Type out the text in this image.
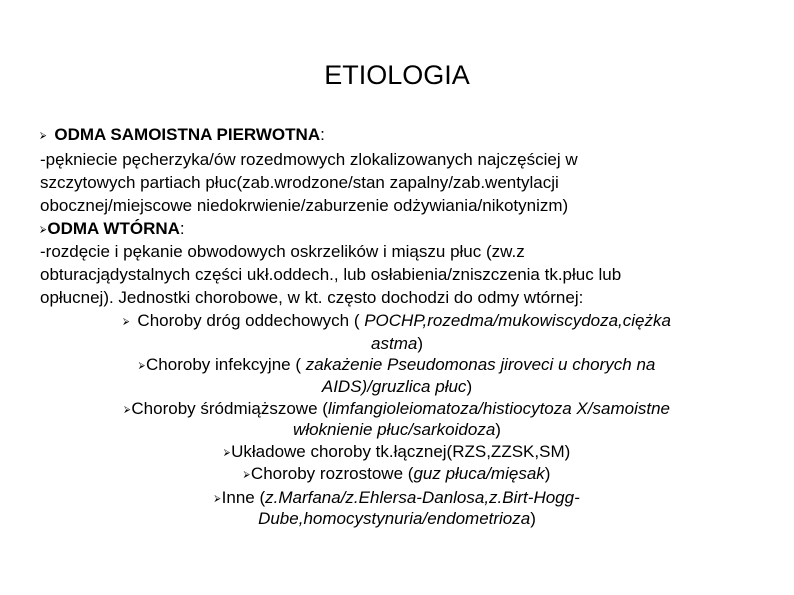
ETIOLOGIA
⮚ ODMA SAMOISTNA PIERWOTNA:
-pękniecie pęcherzyka/ów rozedmowych zlokalizowanych najczęściej w
szczytowych partiach płuc(zab.wrodzone/stan zapalny/zab.wentylacji
obocznej/miejscowe niedokrwienie/zaburzenie odżywiania/nikotynizm)
⮚ODMA WTÓRNA:
-rozdęcie i pękanie obwodowych oskrzelików i miąszu płuc (zw.z
obturacjądystalnych części ukł.oddech., lub osłabienia/zniszczenia tk.płuc lub
opłucnej). Jednostki chorobowe, w kt. często dochodzi do odmy wtórnej:
⮚ Choroby dróg oddechowych ( POCHP,rozedma/mukowiscydoza,ciężka
astma)
⮚Choroby infekcyjne ( zakażenie Pseudomonas jiroveci u chorych na
AIDS)/gruzlica płuc)
⮚Choroby śródmiąższowe (limfangioleiomatoza/histiocytoza X/samoistne
włoknienie płuc/sarkoidoza)
⮚Układowe choroby tk.łącznej(RZS,ZZSK,SM)
⮚Choroby rozrostowe (guz płuca/mięsak)
⮚Inne (z.Marfana/z.Ehlersa-Danlosa,z.Birt-Hogg-
Dube,homocystynuria/endometrioza)
